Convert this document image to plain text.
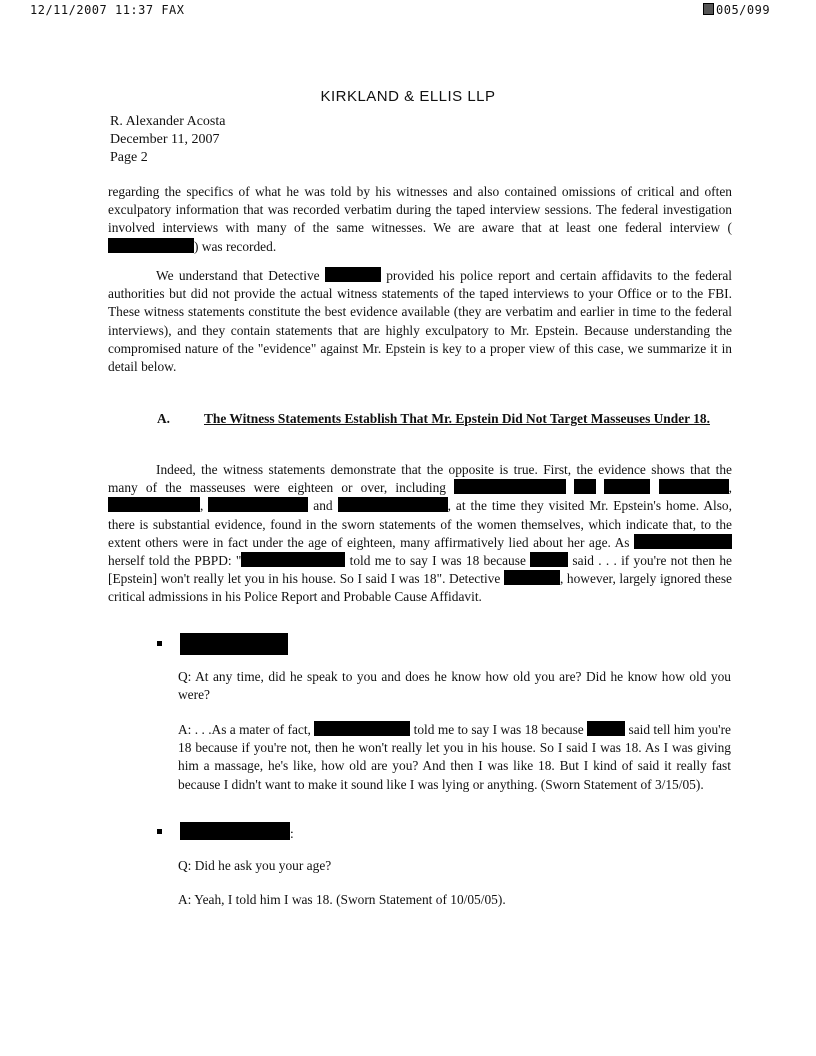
12/11/2007 11:37 FAX	005/099
KIRKLAND & ELLIS LLP
R. Alexander Acosta
December 11, 2007
Page 2

regarding the specifics of what he was told by his witnesses and also contained omissions of critical and often exculpatory information that was recorded verbatim during the taped interview sessions. The federal investigation involved interviews with many of the same witnesses. We are aware that at least one federal interview () was recorded.

We understand that Detective	provided his police report and certain affidavits to the federal authorities but did not provide the actual witness statements of the taped interviews to your Office or to the FBI. These witness statements constitute the best evidence available (they are verbatim and earlier in time to the federal interviews), and they contain statements that are highly exculpatory to Mr. Epstein. Because understanding the compromised nature of the "evidence" against Mr. Epstein is key to a proper view of this case, we summarize it in detail below.

A.	The Witness Statements Establish That Mr. Epstein Did Not Target Masseuses Under 18.

Indeed, the witness statements demonstrate that the opposite is true. First, the evidence shows that the many of the masseuses were eighteen or over, including	, ,	and	, at the time they visited Mr. Epstein's home. Also, there is substantial evidence, found in the sworn statements of the women themselves, which indicate that, to the extent others were in fact under the age of eighteen, many affirmatively lied about her age. As  herself told the PBPD: "	told me to say I was 18 because	said . . . if you're not then he [Epstein] won't really let you in his house. So I said I was 18". Detective	, however, largely ignored these critical admissions in his Police Report and Probable Cause Affidavit.

Q: At any time, did he speak to you and does he know how old you are? Did he know how old you were?

A: . . .As a mater of fact,	told me to say I was 18 because	said tell him you're 18 because if you're not, then he won't really let you in his house. So I said I was 18. As I was giving him a massage, he's like, how old are you? And then I was like 18. But I kind of said it really fast because I didn't want to make it sound like I was lying or anything. (Sworn Statement of 3/15/05).

:

Q: Did he ask you your age?

A: Yeah, I told him I was 18. (Sworn Statement of 10/05/05).
